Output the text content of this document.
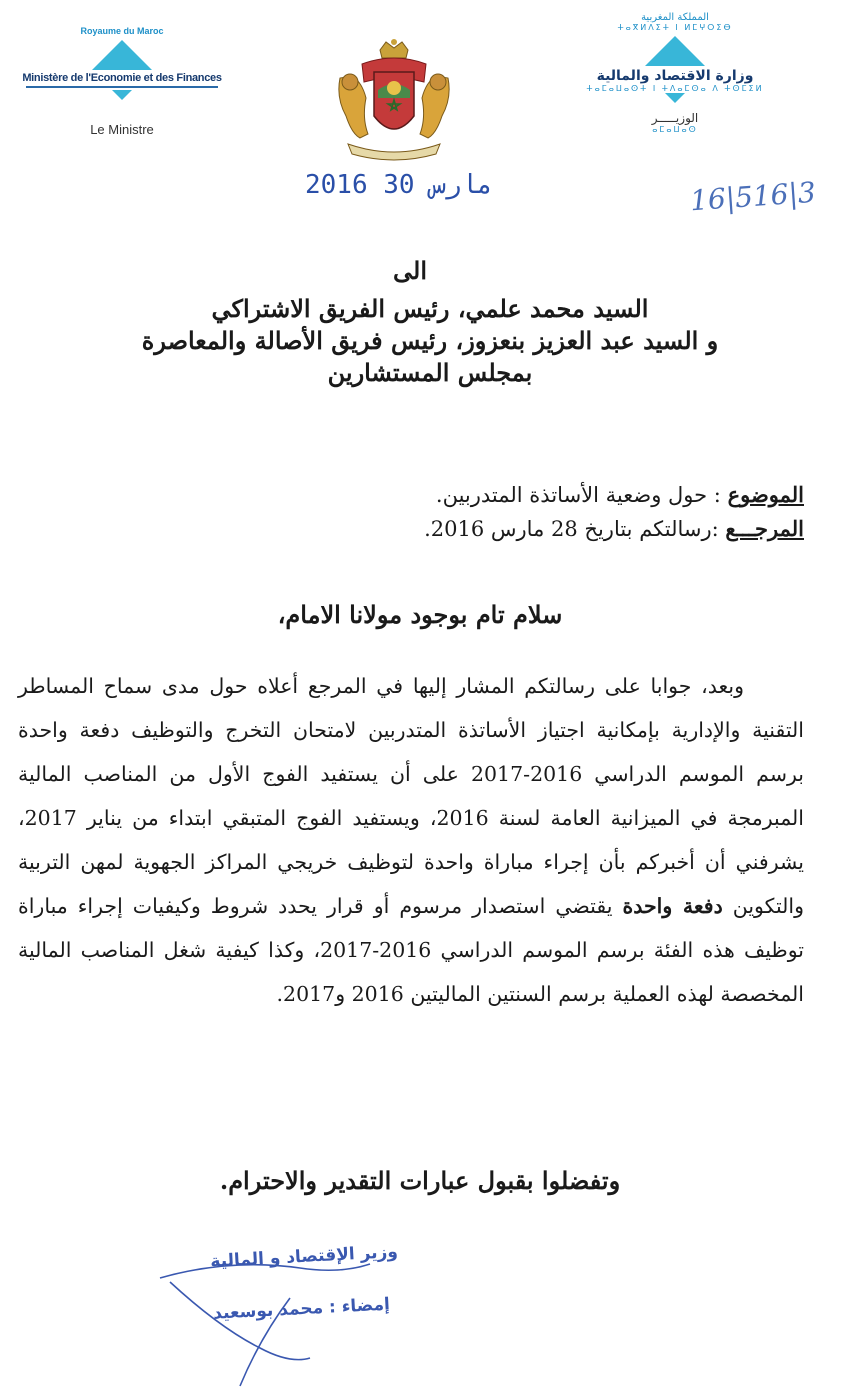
Royaume du Maroc
Ministère de l'Economie et des Finances
Le Ministre
المملكة المغربية
ⵜⴰⴳⵍⴷⵉⵜ ⵏ ⵍⵎⵖⵔⵉⴱ
وزارة الاقتصاد والمالية
ⵜⴰⵎⴰⵡⴰⵙⵜ ⵏ ⵜⴷⴰⵎⵙⴰ ⴷ ⵜⵙⵎⵉⵍ
الوزيـــــر
ⴰⵎⴰⵡⴰⵙ
2016 مارس 30	16|516|3
الى
السيد محمد علمي، رئيس الفريق الاشتراكي
و السيد عبد العزيز بنعزوز، رئيس فريق الأصالة والمعاصرة
بمجلس المستشارين
الموضوع : حول وضعية الأساتذة المتدربين.
المرجـــع :رسالتكم بتاريخ 28 مارس 2016.
سلام تام بوجود مولانا الامام،

وبعد، جوابا على رسالتكم المشار إليها في المرجع أعلاه حول مدى سماح المساطر التقنية والإدارية بإمكانية اجتياز الأساتذة المتدربين لامتحان التخرج والتوظيف دفعة واحدة برسم الموسم الدراسي 2016-2017 على أن يستفيد الفوج الأول من المناصب المالية المبرمجة في الميزانية العامة لسنة 2016، ويستفيد الفوج المتبقي ابتداء من يناير 2017، يشرفني أن أخبركم بأن إجراء مباراة واحدة لتوظيف خريجي المراكز الجهوية لمهن التربية والتكوين دفعة واحدة يقتضي استصدار مرسوم أو قرار يحدد شروط وكيفيات إجراء مباراة توظيف هذه الفئة برسم الموسم الدراسي 2016-2017، وكذا كيفية شغل المناصب المالية المخصصة لهذه العملية برسم السنتين الماليتين 2016 و2017.

وتفضلوا بقبول عبارات التقدير والاحترام.
وزير الإقتصاد و المالية
إمضاء : محمد بوسعيد
